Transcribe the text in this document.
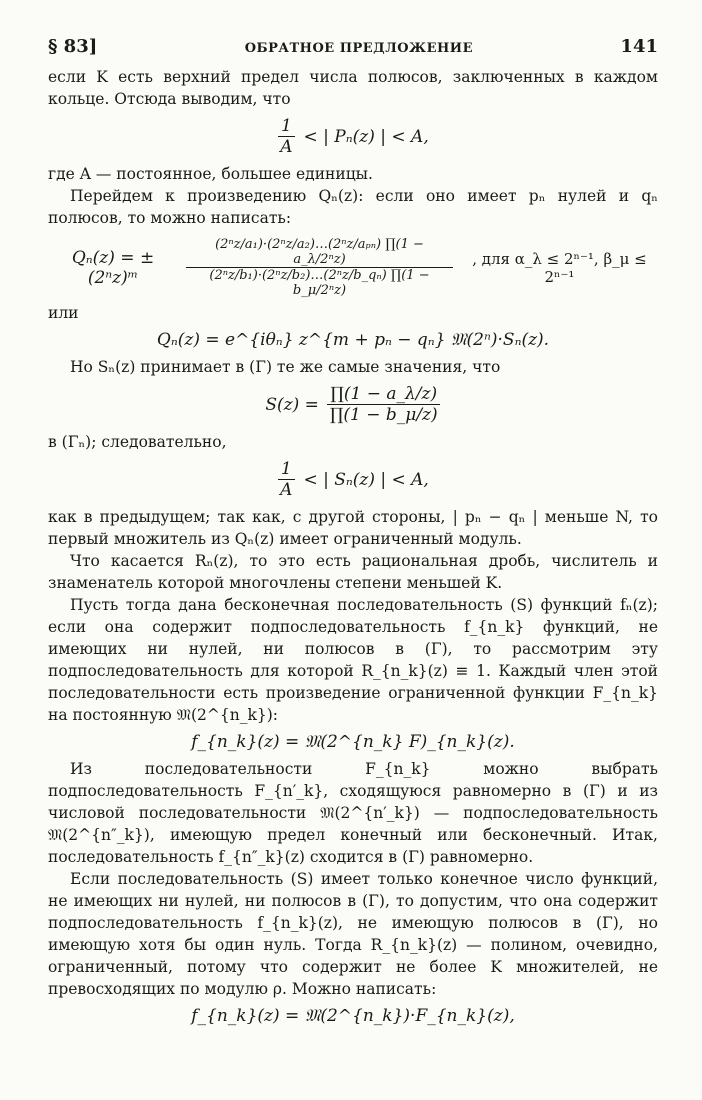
§ 83]	ОБРАТНОЕ ПРЕДЛОЖЕНИЕ	141

если K есть верхний предел числа полюсов, заключенных в каждом кольце. Отсюда выводим, что

$\frac{1}{A}$ < | Pₙ(z) | < A,

где A — постоянное, большее единицы.

Перейдем к произведению Qₙ(z): если оно имеет pₙ нулей и qₙ полюсов, то можно написать:

Qₙ(z) = ± (2ⁿz)ᵐ	$\frac{\text{(2ⁿz/a₁)·(2ⁿz/a₂)…(2ⁿz/aₚₙ) ∏(1 − a\_λ/2ⁿz)}}{\text{(2ⁿz/b₁)·(2ⁿz/b₂)…(2ⁿz/b\_qₙ) ∏(1 − b\_μ/2ⁿz)}}$	, для α_λ ≤ 2ⁿ⁻¹, β_μ ≤ 2ⁿ⁻¹

или

Qₙ(z) = e^{iθₙ} z^{m + pₙ − qₙ} 𝔐(2ⁿ)·Sₙ(z).

Но Sₙ(z) принимает в (Γ) те же самые значения, что

$S(z) = \frac{\prod(1 - a\_\lambda/z)}{\prod(1 - b\_\mu/z)}$

в (Γₙ); следовательно,

$\frac{1}{A}$ < | Sₙ(z) | < A,

как в предыдущем; так как, с другой стороны, | pₙ − qₙ | меньше N, то первый множитель из Qₙ(z) имеет ограниченный модуль.

Что касается Rₙ(z), то это есть рациональная дробь, числитель и знаменатель которой многочлены степени меньшей K.

Пусть тогда дана бесконечная последовательность (S) функций fₙ(z); если она содержит подпоследовательность f_{n_k} функций, не имеющих ни нулей, ни полюсов в (Γ), то рассмотрим эту подпоследовательность для которой R_{n_k}(z) ≡ 1. Каждый член этой последовательности есть произведение ограниченной функции F_{n_k} на постоянную 𝔐(2^{n_k}):

f_{n_k}(z) = 𝔐(2^{n_k} F)_{n_k}(z).

Из последовательности F_{n_k} можно выбрать подпоследовательность F_{n′_k}, сходящуюся равномерно в (Γ) и из числовой последовательности 𝔐(2^{n′_k}) — подпоследовательность 𝔐(2^{n″_k}), имеющую предел конечный или бесконечный. Итак, последовательность f_{n″_k}(z) сходится в (Γ) равномерно.

Если последовательность (S) имеет только конечное число функций, не имеющих ни нулей, ни полюсов в (Γ), то допустим, что она содержит подпоследовательность f_{n_k}(z), не имеющую полюсов в (Γ), но имеющую хотя бы один нуль. Тогда R_{n_k}(z) — полином, очевидно, ограниченный, потому что содержит не более K множителей, не превосходящих по модулю ρ. Можно написать:

f_{n_k}(z) = 𝔐(2^{n_k})·F_{n_k}(z),
